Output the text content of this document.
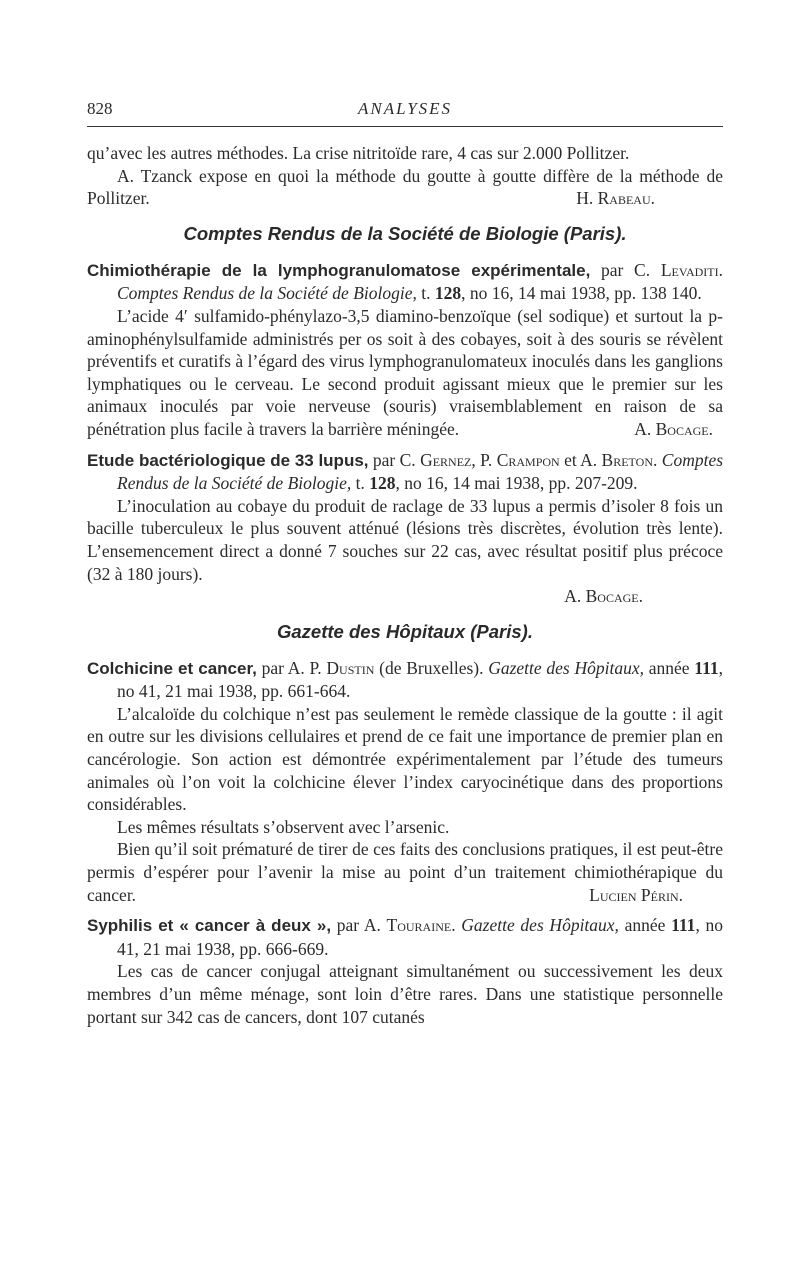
828	ANALYSES

qu’avec les autres méthodes. La crise nitritoïde rare, 4 cas sur 2.000 Pollitzer.

A. Tzanck expose en quoi la méthode du goutte à goutte diffère de la méthode de Pollitzer.	H. Rabeau.

Comptes Rendus de la Société de Biologie (Paris).

Chimiothérapie de la lymphogranulomatose expérimentale, par C. Levaditi. Comptes Rendus de la Société de Biologie, t. 128, no 16, 14 mai 1938, pp. 138 140.

L’acide 4′ sulfamido-phénylazo-3,5 diamino-benzoïque (sel sodique) et surtout la p-aminophénylsulfamide administrés per os soit à des cobayes, soit à des souris se révèlent préventifs et curatifs à l’égard des virus lymphogranulomateux inoculés dans les ganglions lymphatiques ou le cerveau. Le second produit agissant mieux que le premier sur les animaux inoculés par voie nerveuse (souris) vraisemblablement en raison de sa pénétration plus facile à travers la barrière méningée.	A. Bocage.

Etude bactériologique de 33 lupus, par C. Gernez, P. Crampon et A. Breton. Comptes Rendus de la Société de Biologie, t. 128, no 16, 14 mai 1938, pp. 207-209.

L’inoculation au cobaye du produit de raclage de 33 lupus a permis d’isoler 8 fois un bacille tuberculeux le plus souvent atténué (lésions très discrètes, évolution très lente). L’ensemencement direct a donné 7 souches sur 22 cas, avec résultat positif plus précoce (32 à 180 jours).

A. Bocage.

Gazette des Hôpitaux (Paris).

Colchicine et cancer, par A. P. Dustin (de Bruxelles). Gazette des Hôpitaux, année 111, no 41, 21 mai 1938, pp. 661-664.

L’alcaloïde du colchique n’est pas seulement le remède classique de la goutte : il agit en outre sur les divisions cellulaires et prend de ce fait une importance de premier plan en cancérologie. Son action est démontrée expérimentalement par l’étude des tumeurs animales où l’on voit la colchicine élever l’index caryocinétique dans des proportions considérables.

Les mêmes résultats s’observent avec l’arsenic.

Bien qu’il soit prématuré de tirer de ces faits des conclusions pratiques, il est peut-être permis d’espérer pour l’avenir la mise au point d’un traitement chimiothérapique du cancer.	Lucien Périn.

Syphilis et « cancer à deux », par A. Touraine. Gazette des Hôpitaux, année 111, no 41, 21 mai 1938, pp. 666-669.

Les cas de cancer conjugal atteignant simultanément ou successivement les deux membres d’un même ménage, sont loin d’être rares. Dans une statistique personnelle portant sur 342 cas de cancers, dont 107 cutanés
